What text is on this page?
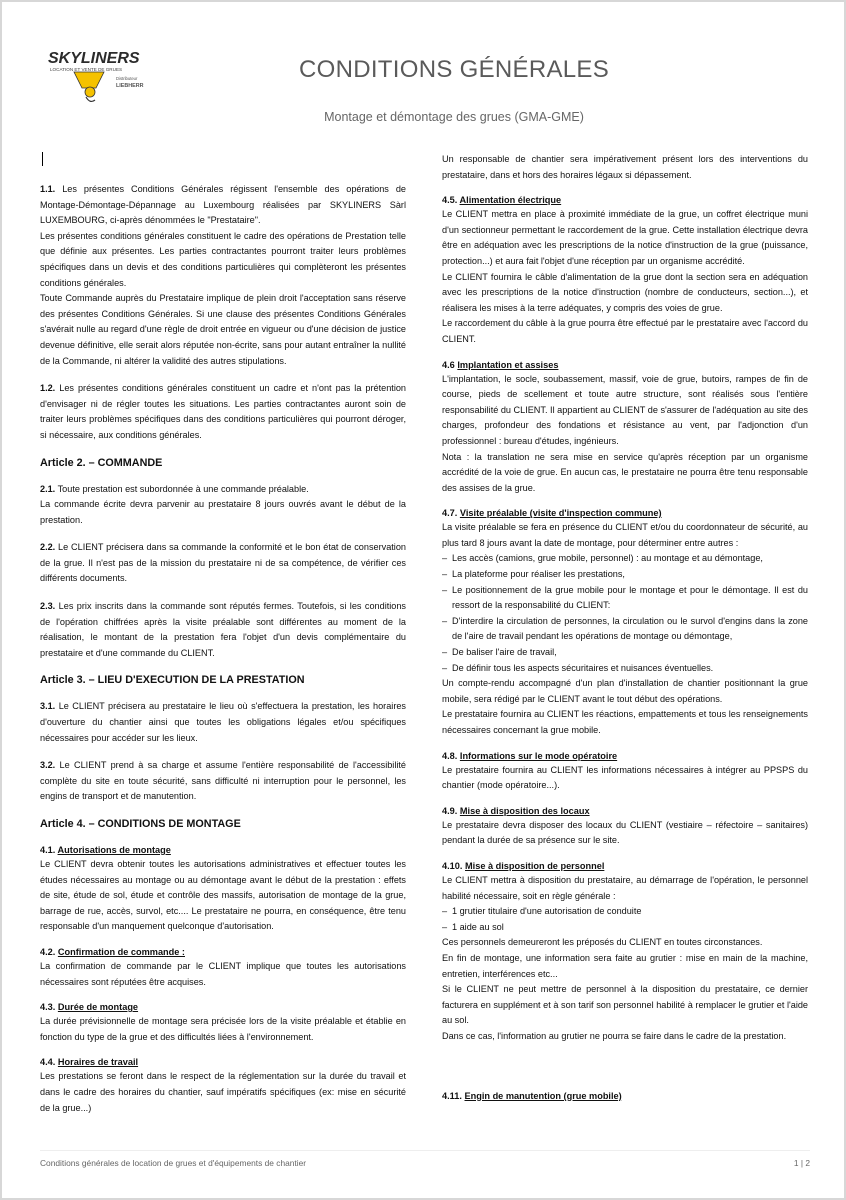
SKYLINERS
LOCATION ET VENTE DE GRUES
Distributeur
LIEBHERR
CONDITIONS GÉNÉRALES
Montage et démontage des grues (GMA-GME)

1.1. Les présentes Conditions Générales régissent l'ensemble des opérations de Montage-Démontage-Dépannage au Luxembourg réalisées par SKYLINERS Sàrl LUXEMBOURG, ci-après dénommées le "Prestataire".

Les présentes conditions générales constituent le cadre des opérations de Prestation telle que définie aux présentes. Les parties contractantes pourront traiter leurs problèmes spécifiques dans un devis et des conditions particulières qui complèteront les présentes conditions générales.

Toute Commande auprès du Prestataire implique de plein droit l'acceptation sans réserve des présentes Conditions Générales. Si une clause des présentes Conditions Générales s'avérait nulle au regard d'une règle de droit entrée en vigueur ou d'une décision de justice devenue définitive, elle serait alors réputée non-écrite, sans pour autant entraîner la nullité de la Commande, ni altérer la validité des autres stipulations.

1.2. Les présentes conditions générales constituent un cadre et n'ont pas la prétention d'envisager ni de régler toutes les situations. Les parties contractantes auront soin de traiter leurs problèmes spécifiques dans des conditions particulières qui pourront déroger, si nécessaire, aux conditions générales.

Article 2. – COMMANDE

2.1. Toute prestation est subordonnée à une commande préalable.

La commande écrite devra parvenir au prestataire 8 jours ouvrés avant le début de la prestation.

2.2. Le CLIENT précisera dans sa commande la conformité et le bon état de conservation de la grue. Il n'est pas de la mission du prestataire ni de sa compétence, de vérifier ces différents documents.

2.3. Les prix inscrits dans la commande sont réputés fermes. Toutefois, si les conditions de l'opération chiffrées après la visite préalable sont différentes au moment de la réalisation, le montant de la prestation fera l'objet d'un devis complémentaire du prestataire et d'une commande du CLIENT.

Article 3. – LIEU D'EXECUTION DE LA PRESTATION

3.1. Le CLIENT précisera au prestataire le lieu où s'effectuera la prestation, les horaires d'ouverture du chantier ainsi que toutes les obligations légales et/ou spécifiques nécessaires pour accéder sur les lieux.

3.2. Le CLIENT prend à sa charge et assume l'entière responsabilité de l'accessibilité complète du site en toute sécurité, sans difficulté ni interruption pour le personnel, les engins de transport et de manutention.

Article 4. – CONDITIONS DE MONTAGE
4.1. Autorisations de montage

Le CLIENT devra obtenir toutes les autorisations administratives et effectuer toutes les études nécessaires au montage ou au démontage avant le début de la prestation : effets de site, étude de sol, étude et contrôle des massifs, autorisation de montage de la grue, barrage de rue, accès, survol, etc.... Le prestataire ne pourra, en conséquence, être tenu responsable d'un manquement quelconque d'autorisation.

4.2. Confirmation de commande :

La confirmation de commande par le CLIENT implique que toutes les autorisations nécessaires sont réputées être acquises.

4.3. Durée de montage

La durée prévisionnelle de montage sera précisée lors de la visite préalable et établie en fonction du type de la grue et des difficultés liées à l'environnement.

4.4. Horaires de travail

Les prestations se feront dans le respect de la réglementation sur la durée du travail et dans le cadre des horaires du chantier, sauf impératifs spécifiques (ex: mise en sécurité de la grue...)

Un responsable de chantier sera impérativement présent lors des interventions du prestataire, dans et hors des horaires légaux si dépassement.

4.5. Alimentation électrique

Le CLIENT mettra en place à proximité immédiate de la grue, un coffret électrique muni d'un sectionneur permettant le raccordement de la grue. Cette installation électrique devra être en adéquation avec les prescriptions de la notice d'instruction de la grue (puissance, protection...) et aura fait l'objet d'une réception par un organisme accrédité.

Le CLIENT fournira le câble d'alimentation de la grue dont la section sera en adéquation avec les prescriptions de la notice d'instruction (nombre de conducteurs, section...), et réalisera les mises à la terre adéquates, y compris des voies de grue.

Le raccordement du câble à la grue pourra être effectué par le prestataire avec l'accord du CLIENT.

4.6 Implantation et assises

L'implantation, le socle, soubassement, massif, voie de grue, butoirs, rampes de fin de course, pieds de scellement et toute autre structure, sont réalisés sous l'entière responsabilité du CLIENT. Il appartient au CLIENT de s'assurer de l'adéquation au site des charges, profondeur des fondations et résistance au vent, par l'adjonction d'un professionnel : bureau d'études, ingénieurs.

Nota : la translation ne sera mise en service qu'après réception par un organisme accrédité de la voie de grue. En aucun cas, le prestataire ne pourra être tenu responsable des assises de la grue.

4.7. Visite préalable (visite d'inspection commune)

La visite préalable se fera en présence du CLIENT et/ou du coordonnateur de sécurité, au plus tard 8 jours avant la date de montage, pour déterminer entre autres :

– Les accès (camions, grue mobile, personnel) : au montage et au démontage,
– La plateforme pour réaliser les prestations,
– Le positionnement de la grue mobile pour le montage et pour le démontage. Il est du ressort de la responsabilité du CLIENT:
– D'interdire la circulation de personnes, la circulation ou le survol d'engins dans la zone de l'aire de travail pendant les opérations de montage ou démontage,
– De baliser l'aire de travail,
– De définir tous les aspects sécuritaires et nuisances éventuelles.

Un compte-rendu accompagné d'un plan d'installation de chantier positionnant la grue mobile, sera rédigé par le CLIENT avant le tout début des opérations.

Le prestataire fournira au CLIENT les réactions, empattements et tous les renseignements nécessaires concernant la grue mobile.

4.8. Informations sur le mode opératoire

Le prestataire fournira au CLIENT les informations nécessaires à intégrer au PPSPS du chantier (mode opératoire...).

4.9. Mise à disposition des locaux

Le prestataire devra disposer des locaux du CLIENT (vestiaire – réfectoire – sanitaires) pendant la durée de sa présence sur le site.

4.10. Mise à disposition de personnel

Le CLIENT mettra à disposition du prestataire, au démarrage de l'opération, le personnel habilité nécessaire, soit en règle générale :

– 1 grutier titulaire d'une autorisation de conduite
– 1 aide au sol

Ces personnels demeureront les préposés du CLIENT en toutes circonstances.

En fin de montage, une information sera faite au grutier : mise en main de la machine, entretien, interférences etc...

Si le CLIENT ne peut mettre de personnel à la disposition du prestataire, ce dernier facturera en supplément et à son tarif son personnel habilité à remplacer le grutier et l'aide au sol.

Dans ce cas, l'information au grutier ne pourra se faire dans le cadre de la prestation.

4.11. Engin de manutention (grue mobile)
Conditions générales de location de grues et d'équipements de chantier	1 | 2
